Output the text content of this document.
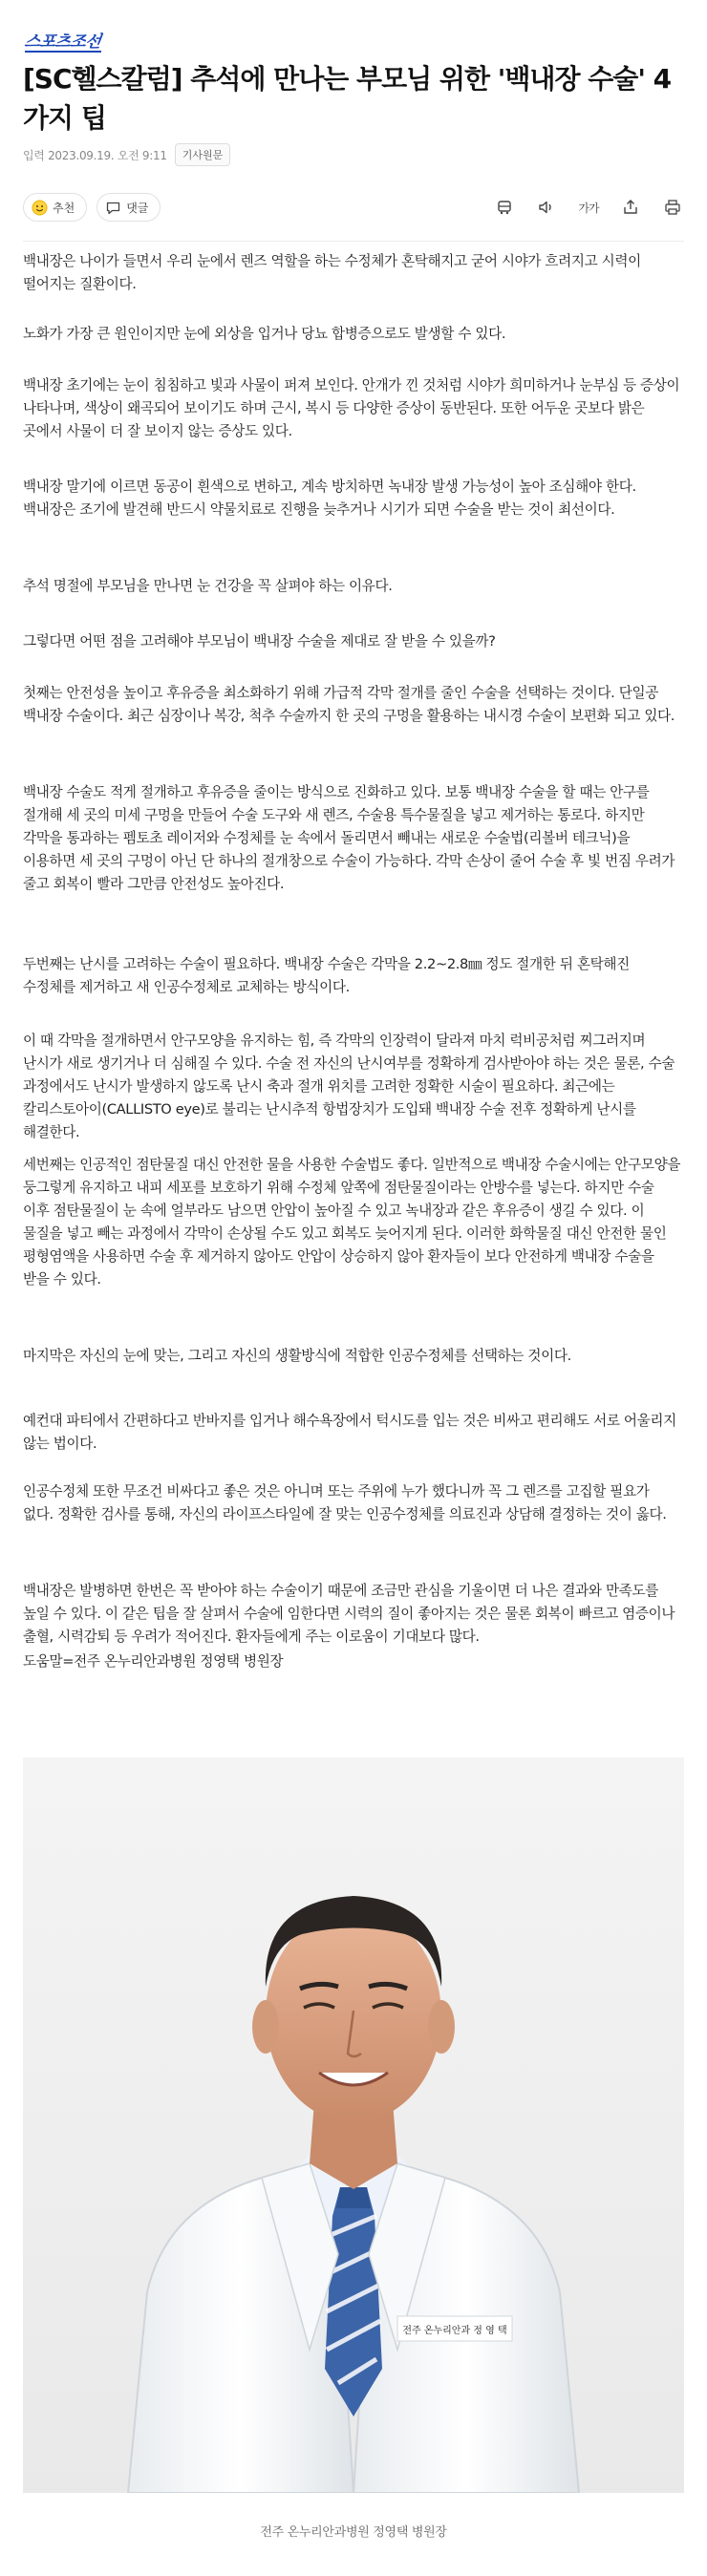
스포츠조선
[SC헬스칼럼] 추석에 만나는 부모님 위한 '백내장 수술' 4가지 팁
입력 2023.09.19. 오전 9:11	기사원문
추천	댓글	가가

백내장은 나이가 들면서 우리 눈에서 렌즈 역할을 하는 수정체가 혼탁해지고 굳어 시야가 흐려지고 시력이 떨어지는 질환이다.

노화가 가장 큰 원인이지만 눈에 외상을 입거나 당뇨 합병증으로도 발생할 수 있다.

백내장 초기에는 눈이 침침하고 빛과 사물이 퍼져 보인다. 안개가 낀 것처럼 시야가 희미하거나 눈부심 등 증상이 나타나며, 색상이 왜곡되어 보이기도 하며 근시, 복시 등 다양한 증상이 동반된다. 또한 어두운 곳보다 밝은 곳에서 사물이 더 잘 보이지 않는 증상도 있다.

백내장 말기에 이르면 동공이 흰색으로 변하고, 계속 방치하면 녹내장 발생 가능성이 높아 조심해야 한다. 백내장은 조기에 발견해 반드시 약물치료로 진행을 늦추거나 시기가 되면 수술을 받는 것이 최선이다.

추석 명절에 부모님을 만나면 눈 건강을 꼭 살펴야 하는 이유다.

그렇다면 어떤 점을 고려해야 부모님이 백내장 수술을 제대로 잘 받을 수 있을까?

첫째는 안전성을 높이고 후유증을 최소화하기 위해 가급적 각막 절개를 줄인 수술을 선택하는 것이다. 단일공 백내장 수술이다. 최근 심장이나 복강, 척추 수술까지 한 곳의 구멍을 활용하는 내시경 수술이 보편화 되고 있다.

백내장 수술도 적게 절개하고 후유증을 줄이는 방식으로 진화하고 있다. 보통 백내장 수술을 할 때는 안구를 절개해 세 곳의 미세 구멍을 만들어 수술 도구와 새 렌즈, 수술용 특수물질을 넣고 제거하는 통로다. 하지만 각막을 통과하는 펨토초 레이저와 수정체를 눈 속에서 돌리면서 빼내는 새로운 수술법(리볼버 테크닉)을 이용하면 세 곳의 구멍이 아닌 단 하나의 절개창으로 수술이 가능하다. 각막 손상이 줄어 수술 후 빛 번짐 우려가 줄고 회복이 빨라 그만큼 안전성도 높아진다.

두번째는 난시를 고려하는 수술이 필요하다. 백내장 수술은 각막을 2.2~2.8㎜ 정도 절개한 뒤 혼탁해진 수정체를 제거하고 새 인공수정체로 교체하는 방식이다.

이 때 각막을 절개하면서 안구모양을 유지하는 힘, 즉 각막의 인장력이 달라져 마치 럭비공처럼 찌그러지며 난시가 새로 생기거나 더 심해질 수 있다. 수술 전 자신의 난시여부를 정확하게 검사받아야 하는 것은 물론, 수술 과정에서도 난시가 발생하지 않도록 난시 축과 절개 위치를 고려한 정확한 시술이 필요하다. 최근에는 칼리스토아이(CALLISTO eye)로 불리는 난시추적 항법장치가 도입돼 백내장 수술 전후 정확하게 난시를 해결한다.

세번째는 인공적인 점탄물질 대신 안전한 물을 사용한 수술법도 좋다. 일반적으로 백내장 수술시에는 안구모양을 둥그렇게 유지하고 내피 세포를 보호하기 위해 수정체 앞쪽에 점탄물질이라는 안방수를 넣는다. 하지만 수술 이후 점탄물질이 눈 속에 얼부라도 남으면 안압이 높아질 수 있고 녹내장과 같은 후유증이 생길 수 있다. 이 물질을 넣고 빼는 과정에서 각막이 손상될 수도 있고 회복도 늦어지게 된다. 이러한 화학물질 대신 안전한 물인 평형염액을 사용하면 수술 후 제거하지 않아도 안압이 상승하지 않아 환자들이 보다 안전하게 백내장 수술을 받을 수 있다.

마지막은 자신의 눈에 맞는, 그리고 자신의 생활방식에 적합한 인공수정체를 선택하는 것이다.

예컨대 파티에서 간편하다고 반바지를 입거나 해수욕장에서 턱시도를 입는 것은 비싸고 편리해도 서로 어울리지 않는 법이다.

인공수정체 또한 무조건 비싸다고 좋은 것은 아니며 또는 주위에 누가 했다니까 꼭 그 렌즈를 고집할 필요가 없다. 정확한 검사를 통해, 자신의 라이프스타일에 잘 맞는 인공수정체를 의료진과 상담해 결정하는 것이 옳다.

백내장은 발병하면 한번은 꼭 받아야 하는 수술이기 때문에 조금만 관심을 기울이면 더 나은 결과와 만족도를 높일 수 있다. 이 같은 팁을 잘 살펴서 수술에 임한다면 시력의 질이 좋아지는 것은 물론 회복이 빠르고 염증이나 출혈, 시력감퇴 등 우려가 적어진다. 환자들에게 주는 이로움이 기대보다 많다.

도움말=전주 온누리안과병원 정영택 병원장

전주 온누리안과 정 영 택
전주 온누리안과병원 정영택 병원장
